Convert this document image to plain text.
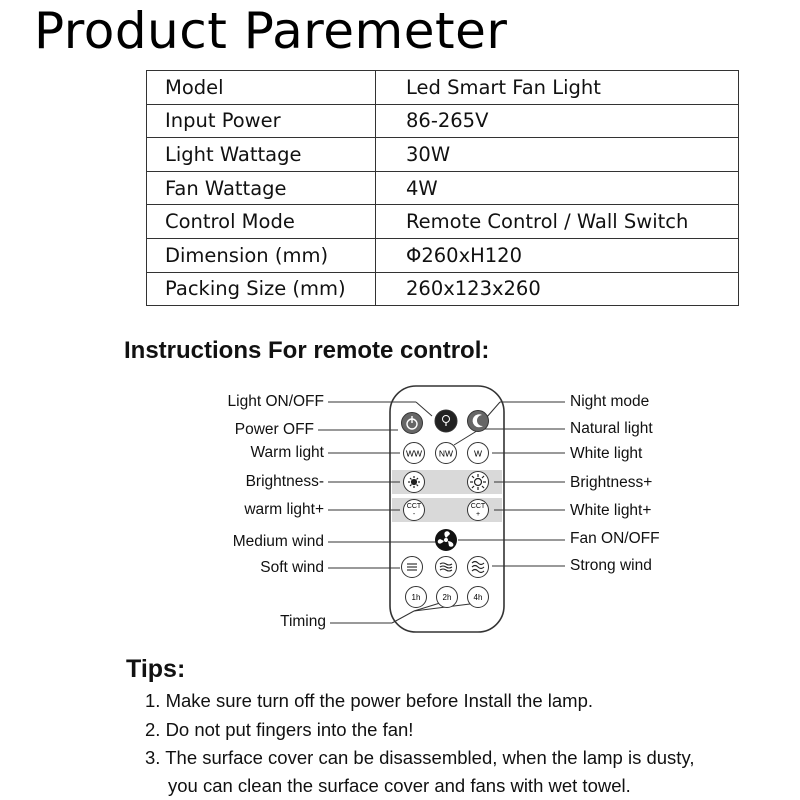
Product Paremeter
Model	Led Smart Fan Light
Input Power	86-265V
Light Wattage	30W
Fan Wattage	4W
Control Mode	Remote Control / Wall Switch
Dimension (mm)	Φ260xH120
Packing Size (mm)	260x123x260
Instructions For remote control:
WW NW W
CCT
-
CCT
+
1h	2h	4h
Light ON/OFF
Power OFF
Warm light
Brightness-
warm light+
Medium wind
Soft wind
Timing
Night mode
Natural light
White light
Brightness+
White light+
Fan ON/OFF
Strong wind
Tips:
1. Make sure turn off the power before Install the lamp.
2. Do not put fingers into the fan!
3. The surface cover can be disassembled, when the lamp is dusty,
you can clean the surface cover and fans with wet towel.
